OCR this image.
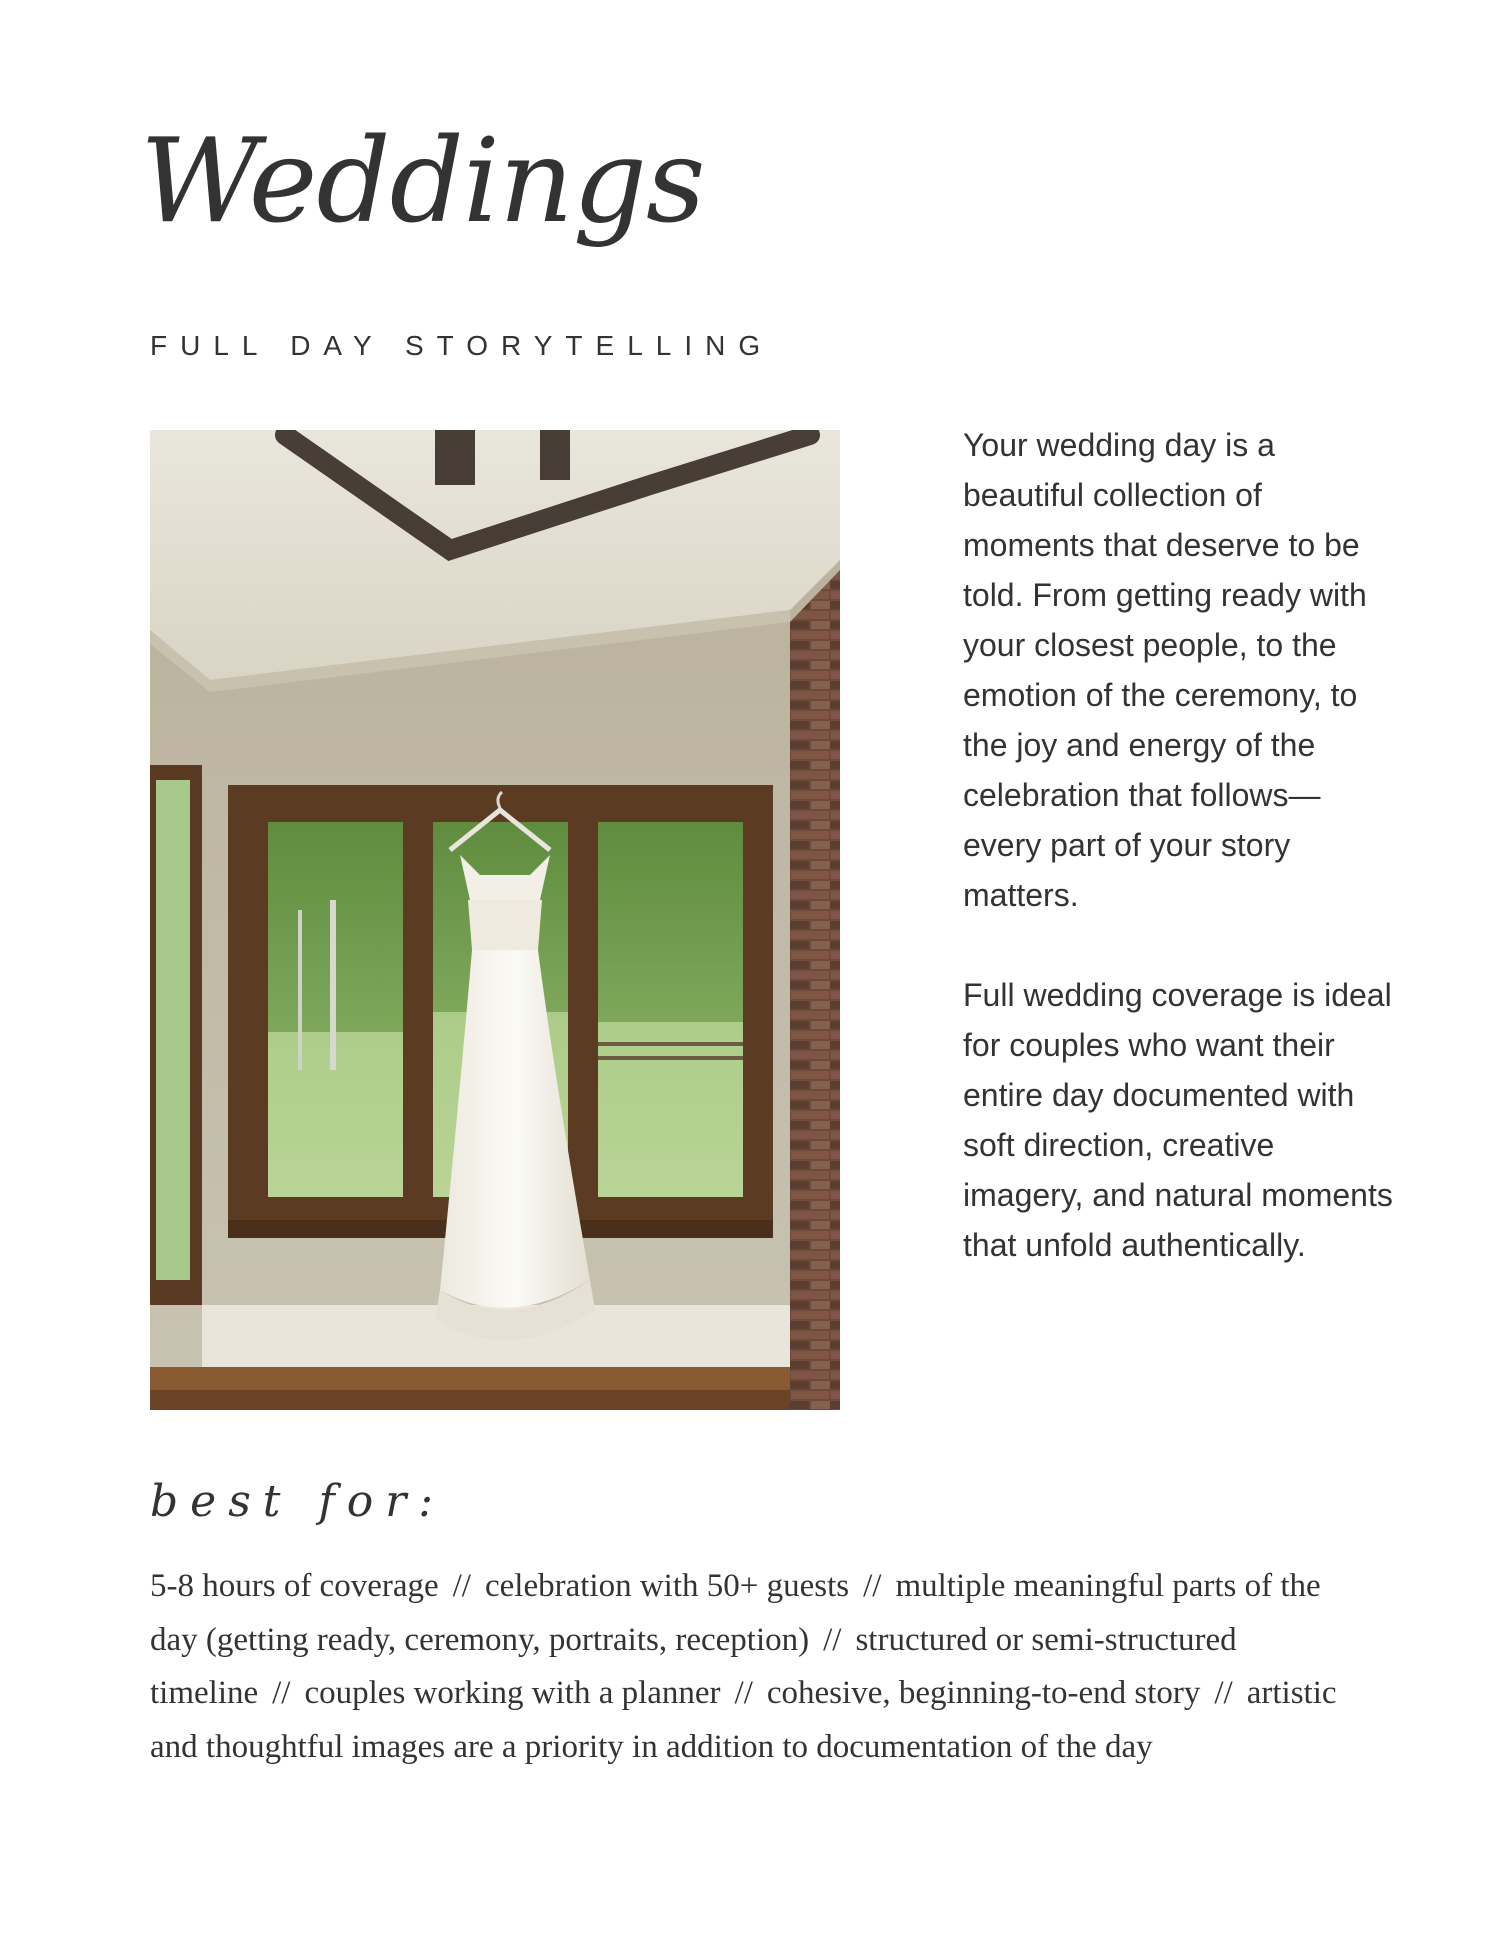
Weddings
FULL DAY STORYTELLING

Your wedding day is a beautiful collection of moments that deserve to be told. From getting ready with your closest people, to the emotion of the ceremony, to the joy and energy of the celebration that follows—every part of your story matters.

Full wedding coverage is ideal for couples who want their entire day documented with soft direction, creative imagery, and natural moments that unfold authentically.

best for:
5-8 hours of coverage // celebration with 50+ guests // multiple meaningful parts of the day (getting ready, ceremony, portraits, reception) // structured or semi-structured timeline // couples working with a planner // cohesive, beginning-to-end story // artistic and thoughtful images are a priority in addition to documentation of the day
